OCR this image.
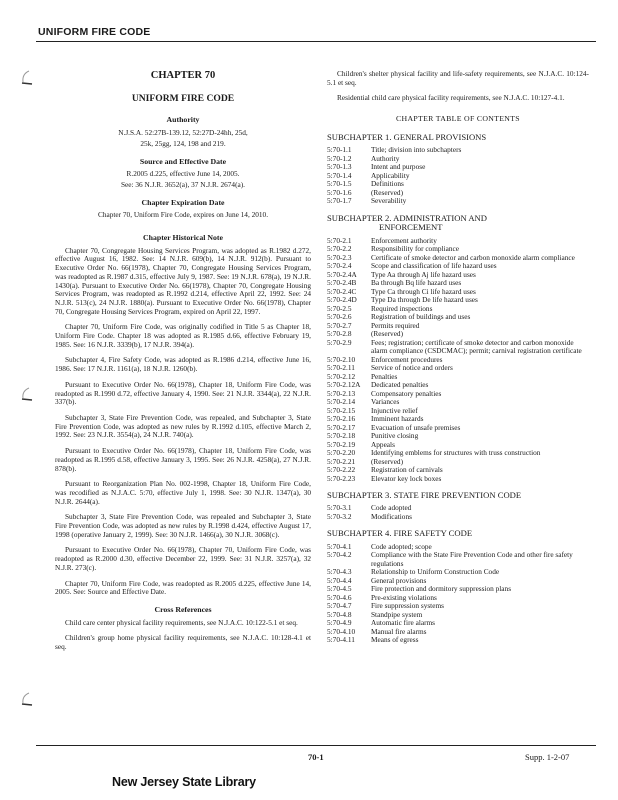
UNIFORM FIRE CODE
CHAPTER 70
UNIFORM FIRE CODE
Authority
N.J.S.A. 52:27B-139.12, 52:27D-24hh, 25d,
25k, 25gg, 124, 198 and 219.
Source and Effective Date
R.2005 d.225, effective June 14, 2005.
See: 36 N.J.R. 3652(a), 37 N.J.R. 2674(a).
Chapter Expiration Date
Chapter 70, Uniform Fire Code, expires on June 14, 2010.
Chapter Historical Note

Chapter 70, Congregate Housing Services Program, was adopted as R.1982 d.272, effective August 16, 1982. See: 14 N.J.R. 609(b), 14 N.J.R. 912(b). Pursuant to Executive Order No. 66(1978), Chapter 70, Congregate Housing Services Program, was readopted as R.1987 d.315, effective July 9, 1987. See: 19 N.J.R. 678(a), 19 N.J.R. 1430(a). Pursuant to Executive Order No. 66(1978), Chapter 70, Congregate Housing Services Program, was readopted as R.1992 d.214, effective April 22, 1992. See: 24 N.J.R. 513(c), 24 N.J.R. 1880(a). Pursuant to Executive Order No. 66(1978), Chapter 70, Congregate Housing Services Program, expired on April 22, 1997.

Chapter 70, Uniform Fire Code, was originally codified in Title 5 as Chapter 18, Uniform Fire Code. Chapter 18 was adopted as R.1985 d.66, effective February 19, 1985. See: 16 N.J.R. 3339(b), 17 N.J.R. 394(a).

Subchapter 4, Fire Safety Code, was adopted as R.1986 d.214, effective June 16, 1986. See: 17 N.J.R. 1161(a), 18 N.J.R. 1260(b).

Pursuant to Executive Order No. 66(1978), Chapter 18, Uniform Fire Code, was readopted as R.1990 d.72, effective January 4, 1990. See: 21 N.J.R. 3344(a), 22 N.J.R. 337(b).

Subchapter 3, State Fire Prevention Code, was repealed, and Subchapter 3, State Fire Prevention Code, was adopted as new rules by R.1992 d.105, effective March 2, 1992. See: 23 N.J.R. 3554(a), 24 N.J.R. 740(a).

Pursuant to Executive Order No. 66(1978), Chapter 18, Uniform Fire Code, was readopted as R.1995 d.58, effective January 3, 1995. See: 26 N.J.R. 4258(a), 27 N.J.R. 878(b).

Pursuant to Reorganization Plan No. 002-1998, Chapter 18, Uniform Fire Code, was recodified as N.J.A.C. 5:70, effective July 1, 1998. See: 30 N.J.R. 1347(a), 30 N.J.R. 2644(a).

Subchapter 3, State Fire Prevention Code, was repealed and Subchapter 3, State Fire Prevention Code, was adopted as new rules by R.1998 d.424, effective August 17, 1998 (operative January 2, 1999). See: 30 N.J.R. 1466(a), 30 N.J.R. 3068(c).

Pursuant to Executive Order No. 66(1978), Chapter 70, Uniform Fire Code, was readopted as R.2000 d.30, effective December 22, 1999. See: 31 N.J.R. 3257(a), 32 N.J.R. 273(c).

Chapter 70, Uniform Fire Code, was readopted as R.2005 d.225, effective June 14, 2005. See: Source and Effective Date.

Cross References

Child care center physical facility requirements, see N.J.A.C. 10:122-5.1 et seq.

Children's group home physical facility requirements, see N.J.A.C. 10:128-4.1 et seq.

Children's shelter physical facility and life-safety requirements, see N.J.A.C. 10:124-5.1 et seq.

Residential child care physical facility requirements, see N.J.A.C. 10:127-4.1.

CHAPTER TABLE OF CONTENTS
SUBCHAPTER 1. GENERAL PROVISIONS
5:70-1.1	Title; division into subchapters
5:70-1.2	Authority
5:70-1.3	Intent and purpose
5:70-1.4	Applicability
5:70-1.5	Definitions
5:70-1.6	(Reserved)
5:70-1.7	Severability
SUBCHAPTER 2. ADMINISTRATION AND
ENFORCEMENT
5:70-2.1	Enforcement authority
5:70-2.2	Responsibility for compliance
5:70-2.3	Certificate of smoke detector and carbon monoxide alarm compliance
5:70-2.4	Scope and classification of life hazard uses
5:70-2.4A	Type Aa through Aj life hazard uses
5:70-2.4B	Ba through Bq life hazard uses
5:70-2.4C	Type Ca through Ci life hazard uses
5:70-2.4D	Type Da through De life hazard uses
5:70-2.5	Required inspections
5:70-2.6	Registration of buildings and uses
5:70-2.7	Permits required
5:70-2.8	(Reserved)
5:70-2.9	Fees; registration; certificate of smoke detector and carbon monoxide alarm compliance (CSDCMAC); permit; carnival registration certificate
5:70-2.10	Enforcement procedures
5:70-2.11	Service of notice and orders
5:70-2.12	Penalties
5:70-2.12A	Dedicated penalties
5:70-2.13	Compensatory penalties
5:70-2.14	Variances
5:70-2.15	Injunctive relief
5:70-2.16	Imminent hazards
5:70-2.17	Evacuation of unsafe premises
5:70-2.18	Punitive closing
5:70-2.19	Appeals
5:70-2.20	Identifying emblems for structures with truss construction
5:70-2.21	(Reserved)
5:70-2.22	Registration of carnivals
5:70-2.23	Elevator key lock boxes
SUBCHAPTER 3. STATE FIRE PREVENTION CODE
5:70-3.1	Code adopted
5:70-3.2	Modifications
SUBCHAPTER 4. FIRE SAFETY CODE
5:70-4.1	Code adopted; scope
5:70-4.2	Compliance with the State Fire Prevention Code and other fire safety regulations
5:70-4.3	Relationship to Uniform Construction Code
5:70-4.4	General provisions
5:70-4.5	Fire protection and dormitory suppression plans
5:70-4.6	Pre-existing violations
5:70-4.7	Fire suppression systems
5:70-4.8	Standpipe system
5:70-4.9	Automatic fire alarms
5:70-4.10	Manual fire alarms
5:70-4.11	Means of egress
70-1	Supp. 1-2-07
New Jersey State Library
